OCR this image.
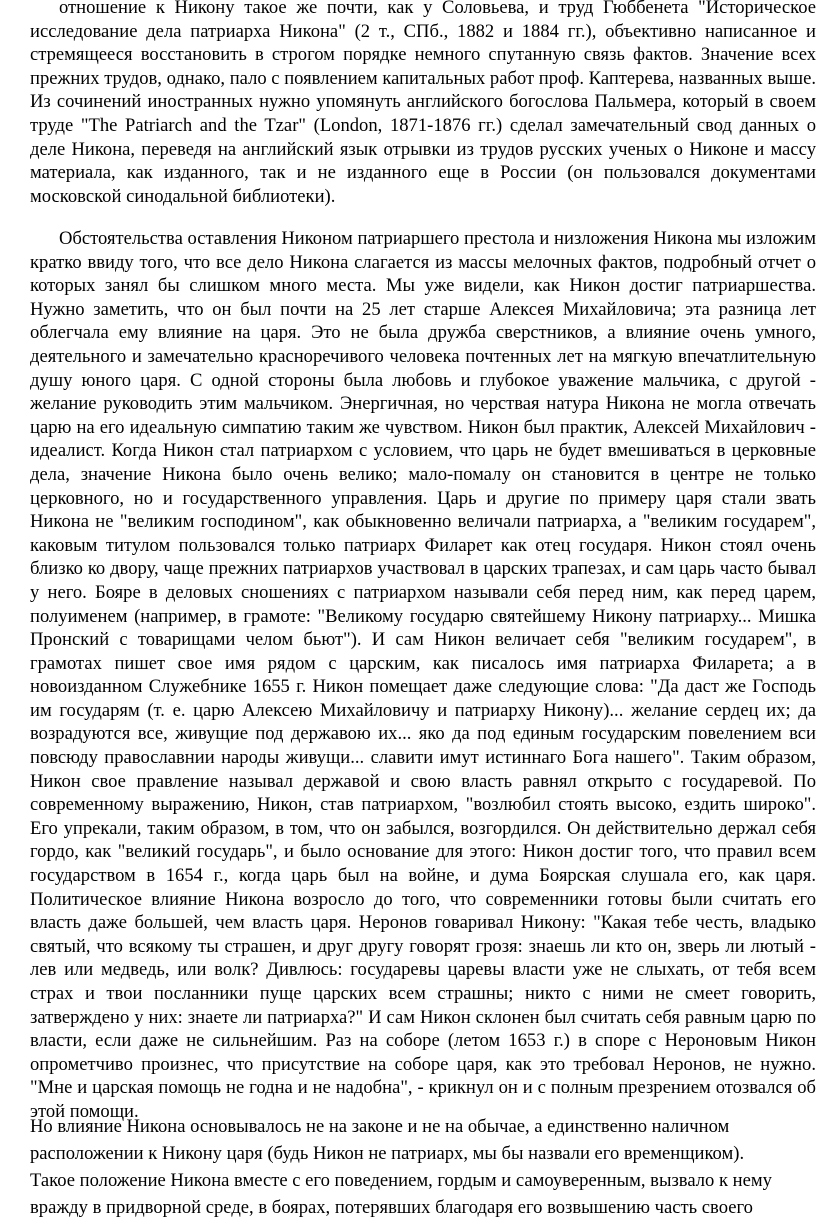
отношение к Никону такое же почти, как у Соловьева, и труд Гюббенета "Историческое исследование дела патриарха Никона" (2 т., СПб., 1882 и 1884 гг.), объективно написанное и стремящееся восстановить в строгом порядке немного спутанную связь фактов. Значение всех прежних трудов, однако, пало с появлением капитальных работ проф. Каптерева, названных выше. Из сочинений иностранных нужно упомянуть английского богослова Пальмера, который в своем труде "The Patriarch and the Tzar" (London, 1871-1876 гг.) сделал замечательный свод данных о деле Никона, переведя на английский язык отрывки из трудов русских ученых о Никоне и массу материала, как изданного, так и не изданного еще в России (он пользовался документами московской синодальной библиотеки).

Обстоятельства оставления Никоном патриаршего престола и низложения Никона мы изложим кратко ввиду того, что все дело Никона слагается из массы мелочных фактов, подробный отчет о которых занял бы слишком много места. Мы уже видели, как Никон достиг патриаршества. Нужно заметить, что он был почти на 25 лет старше Алексея Михайловича; эта разница лет облегчала ему влияние на царя. Это не была дружба сверстников, а влияние очень умного, деятельного и замечательно красноречивого человека почтенных лет на мягкую впечатлительную душу юного царя. С одной стороны была любовь и глубокое уважение мальчика, с другой - желание руководить этим мальчиком. Энергичная, но черствая натура Никона не могла отвечать царю на его идеальную симпатию таким же чувством. Никон был практик, Алексей Михайлович - идеалист. Когда Никон стал патриархом с условием, что царь не будет вмешиваться в церковные дела, значение Никона было очень велико; мало-помалу он становится в центре не только церковного, но и государственного управления. Царь и другие по примеру царя стали звать Никона не "великим господином", как обыкновенно величали патриарха, а "великим государем", каковым титулом пользовался только патриарх Филарет как отец государя. Никон стоял очень близко ко двору, чаще прежних патриархов участвовал в царских трапезах, и сам царь часто бывал у него. Бояре в деловых сношениях с патриархом называли себя перед ним, как перед царем, полуименем (например, в грамоте: "Великому государю святейшему Никону патриарху... Мишка Пронский с товарищами челом бьют"). И сам Никон величает себя "великим государем", в грамотах пишет свое имя рядом с царским, как писалось имя патриарха Филарета; а в новоизданном Служебнике 1655 г. Никон помещает даже следующие слова: "Да даст же Господь им государям (т. е. царю Алексею Михайловичу и патриарху Никону)... желание сердец их; да возрадуются все, живущие под державою их... яко да под единым государским повелением вси повсюду православнии народы живущи... славити имут истиннаго Бога нашего". Таким образом, Никон свое правление называл державой и свою власть равнял открыто с государевой. По современному выражению, Никон, став патриархом, "возлюбил стоять высоко, ездить широко". Его упрекали, таким образом, в том, что он забылся, возгордился. Он действительно держал себя гордо, как "великий государь", и было основание для этого: Никон достиг того, что правил всем государством в 1654 г., когда царь был на войне, и дума Боярская слушала его, как царя. Политическое влияние Никона возросло до того, что современники готовы были считать его власть даже большей, чем власть царя. Неронов говаривал Никону: "Какая тебе честь, владыко святый, что всякому ты страшен, и друг другу говорят грозя: знаешь ли кто он, зверь ли лютый - лев или медведь, или волк? Дивлюсь: государевы царевы власти уже не слыхать, от тебя всем страх и твои посланники пуще царских всем страшны; никто с ними не смеет говорить, затверждено у них: знаете ли патриарха?" И сам Никон склонен был считать себя равным царю по власти, если даже не сильнейшим. Раз на соборе (летом 1653 г.) в споре с Нероновым Никон опрометчиво произнес, что присутствие на соборе царя, как это требовал Неронов, не нужно. "Мне и царская помощь не годна и не надобна", - крикнул он и с полным презрением отозвался об этой помощи.

Но влияние Никона основывалось не на законе и не на обычае, а единственно наличном расположении к Никону царя (будь Никон не патриарх, мы бы назвали его временщиком). Такое положение Никона вместе с его поведением, гордым и самоуверенным, вызвало к нему вражду в придворной среде, в боярах, потерявших благодаря его возвышению часть своего
